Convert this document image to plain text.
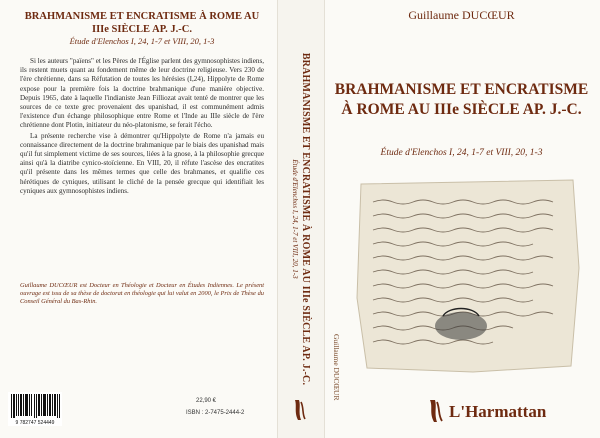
BRAHMANISME ET ENCRATISME À ROME AU IIIe SIÈCLE AP. J.-C.
Étude d'Elenchos I, 24, 1-7 et VIII, 20, 1-3

Si les auteurs "païens" et les Pères de l'Église parlent des gymnosophistes indiens, ils restent muets quant au fondement même de leur doctrine religieuse. Vers 230 de l'ère chrétienne, dans sa Réfutation de toutes les hérésies (I,24), Hippolyte de Rome expose pour la première fois la doctrine brahmanique d'une manière objective. Depuis 1965, date à laquelle l'indianiste Jean Filliozat avait tenté de montrer que les sources de ce texte grec provenaient des upanishad, il est communément admis l'existence d'un échange philosophique entre Rome et l'Inde au IIIe siècle de l'ère chrétienne dont Plotin, initiateur du néo-platonisme, se ferait l'écho.

La présente recherche vise à démontrer qu'Hippolyte de Rome n'a jamais eu connaissance directement de la doctrine brahmanique par le biais des upanishad mais qu'il fut simplement victime de ses sources, liées à la gnose, à la philosophie grecque ainsi qu'à la diatribe cynico-stoïcienne. En VIII, 20, il réfute l'ascèse des encratites qu'il présente dans les mêmes termes que celle des brahmanes, et qualifie ces hérétiques de cyniques, utilisant le cliché de la pensée grecque qui identifiait les cyniques aux gymnosophistes indiens.

Guillaume DUCŒUR est Docteur en Théologie et Docteur en Études Indiennes. Le présent ouvrage est issu de sa thèse de doctorat en théologie qui lui valut en 2000, le Prix de Thèse du Conseil Général du Bas-Rhin.
9 782747 524449
22,90 €
ISBN : 2-7475-2444-2
Guillaume DUCŒUR
BRAHMANISME ET ENCRATISME À ROME AU IIIe SIÈCLE AP. J.-C.
Étude d'Elenchos I, 24, 1-7 et VIII, 20, 1-3
Guillaume DUCŒUR
BRAHMANISME ET ENCRATISME
À ROME AU IIIe SIÈCLE AP. J.-C.
Étude d'Elenchos I, 24, 1-7 et VIII, 20, 1-3
L'Harmattan
